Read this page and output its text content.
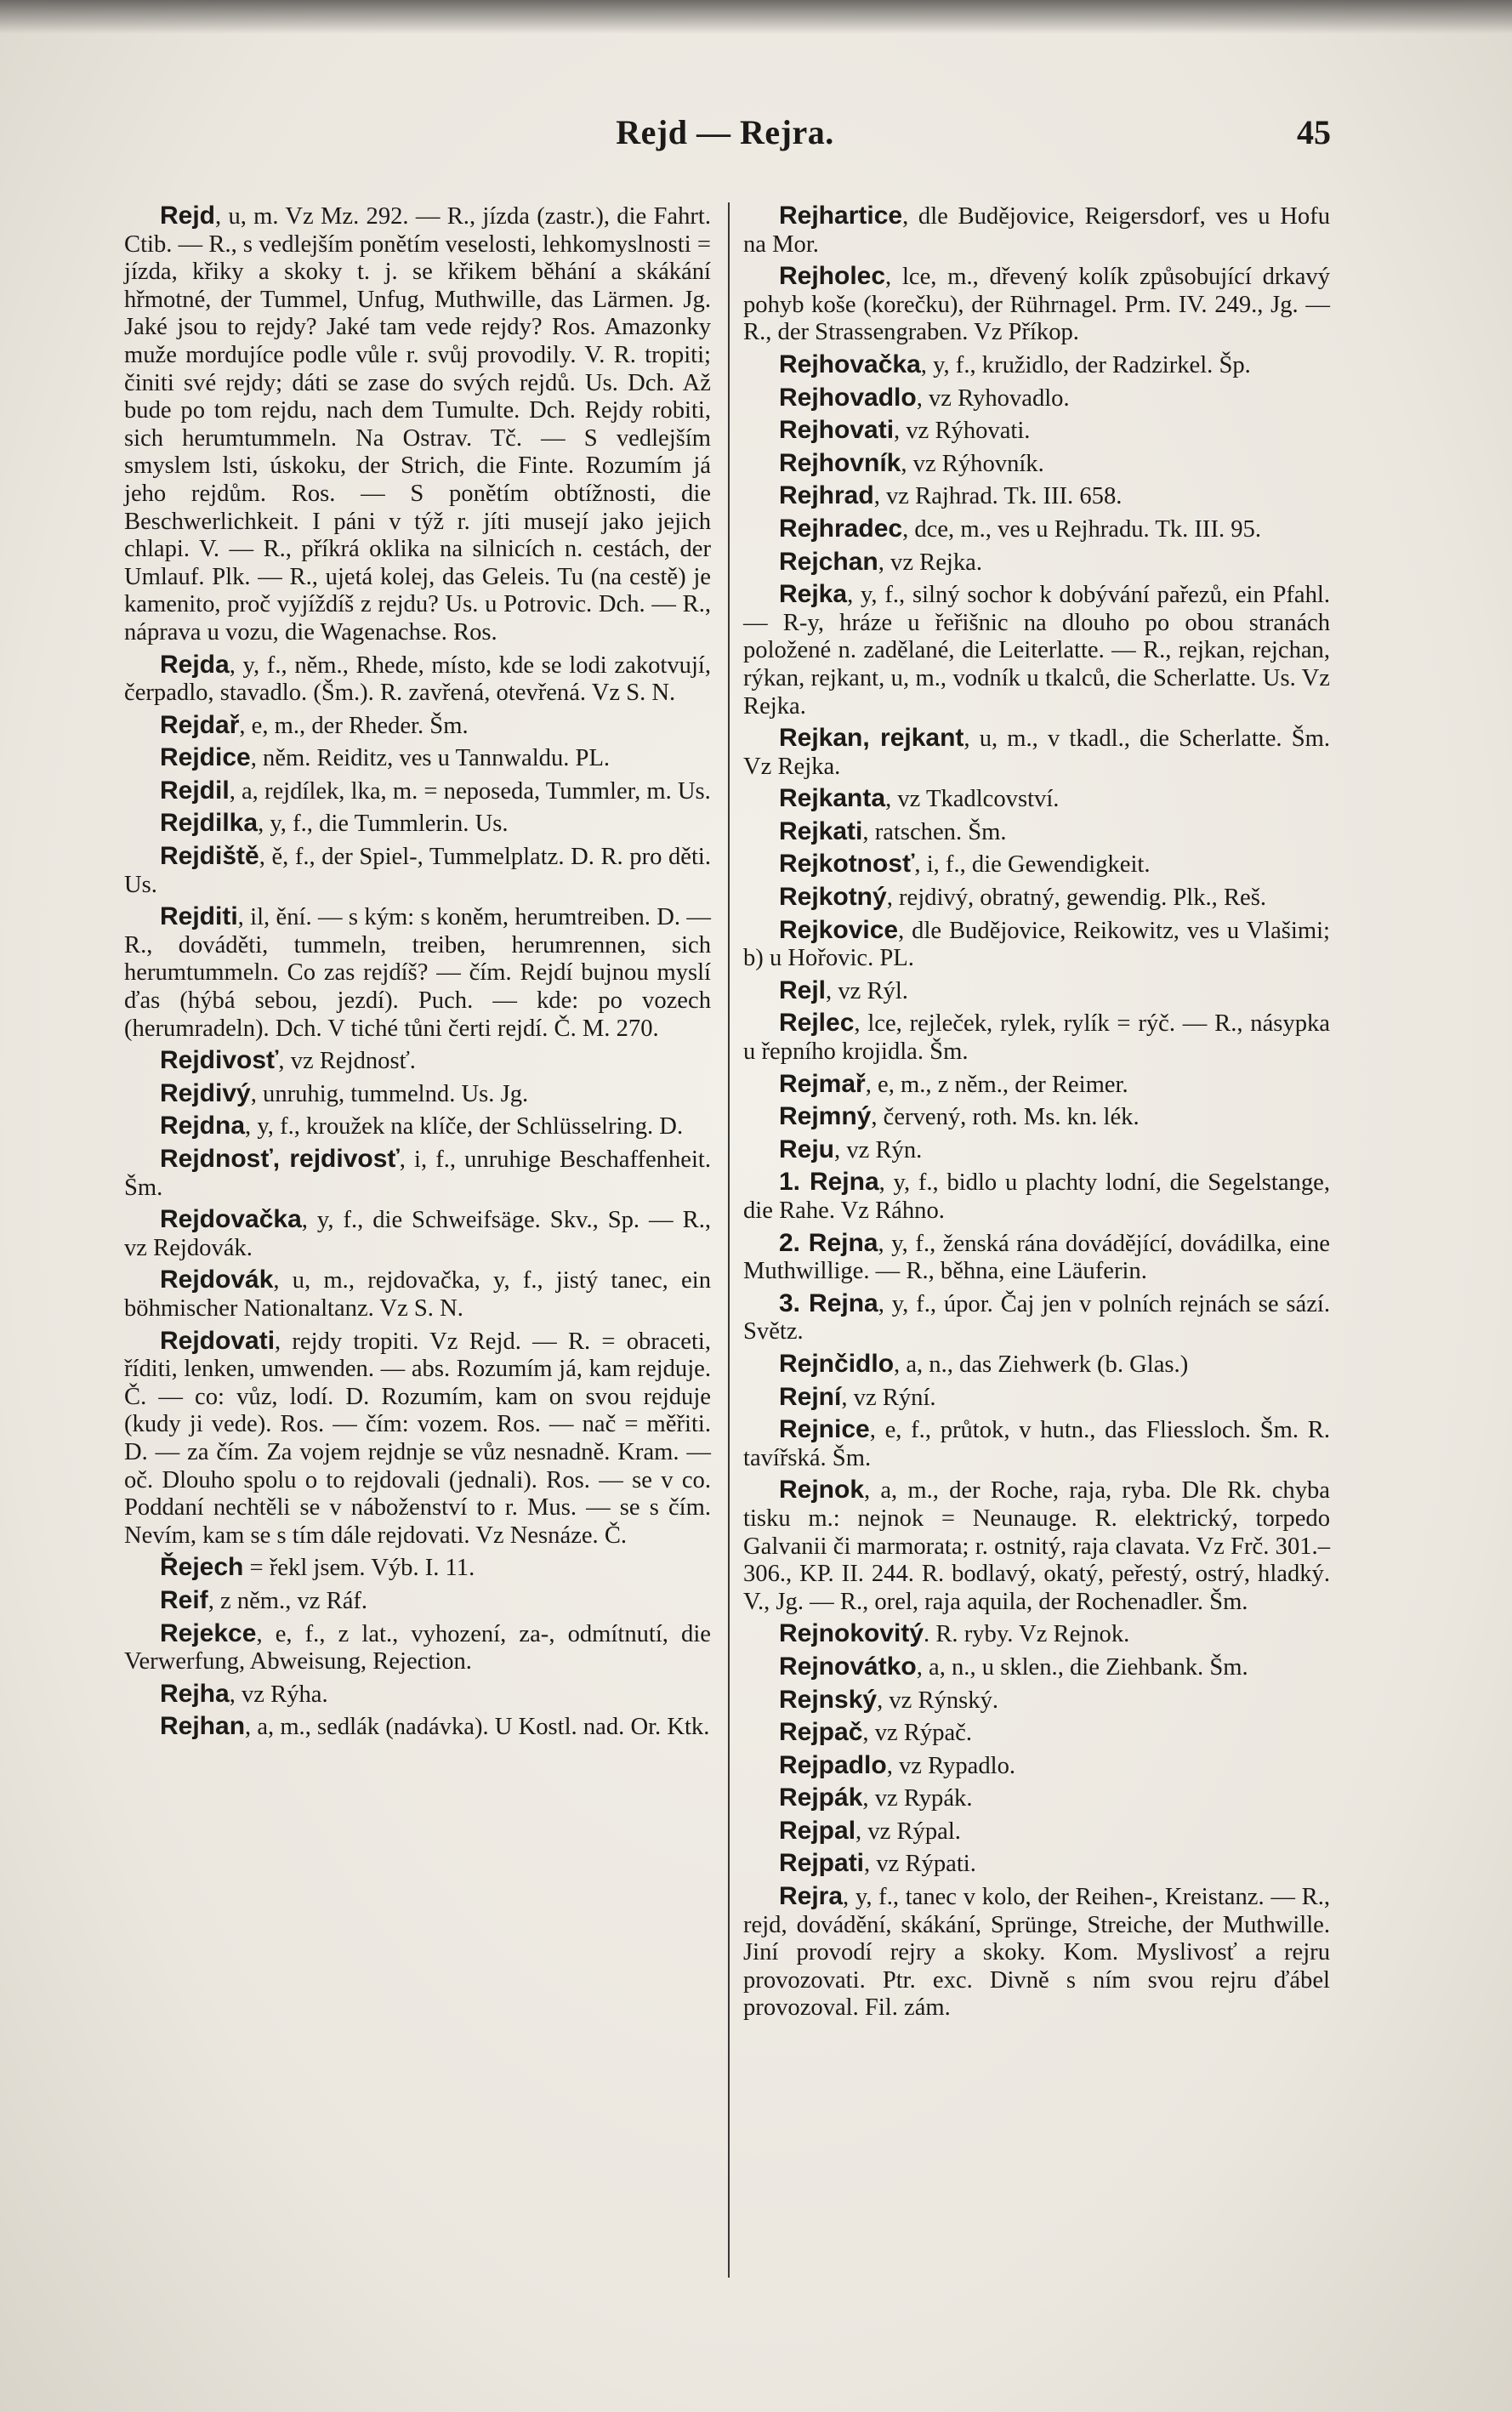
Rejd — Rejra.	45

Rejd, u, m. Vz Mz. 292. — R., jízda (zastr.), die Fahrt. Ctib. — R., s vedlejším ponětím veselosti, lehkomyslnosti = jízda, křiky a skoky t. j. se křikem běhání a skákání hřmotné, der Tummel, Unfug, Muthwille, das Lärmen. Jg. Jaké jsou to rejdy? Jaké tam vede rejdy? Ros. Amazonky muže mordujíce podle vůle r. svůj provodily. V. R. tropiti; činiti své rejdy; dáti se zase do svých rejdů. Us. Dch. Až bude po tom rejdu, nach dem Tumulte. Dch. Rejdy robiti, sich herumtummeln. Na Ostrav. Tč. — S vedlejším smyslem lsti, úskoku, der Strich, die Finte. Rozumím já jeho rejdům. Ros. — S ponětím obtížnosti, die Beschwerlichkeit. I páni v týž r. jíti musejí jako jejich chlapi. V. — R., příkrá oklika na silnicích n. cestách, der Umlauf. Plk. — R., ujetá kolej, das Geleis. Tu (na cestě) je kamenito, proč vyjíždíš z rejdu? Us. u Potrovic. Dch. — R., náprava u vozu, die Wagenachse. Ros.

Rejda, y, f., něm., Rhede, místo, kde se lodi zakotvují, čerpadlo, stavadlo. (Šm.). R. zavřená, otevřená. Vz S. N.

Rejdař, e, m., der Rheder. Šm.

Rejdice, něm. Reiditz, ves u Tannwaldu. PL.

Rejdil, a, rejdílek, lka, m. = neposeda, Tummler, m. Us.

Rejdilka, y, f., die Tummlerin. Us.

Rejdiště, ě, f., der Spiel-, Tummelplatz. D. R. pro děti. Us.

Rejditi, il, ění. — s kým: s koněm, herumtreiben. D. — R., dováděti, tummeln, treiben, herumrennen, sich herumtummeln. Co zas rejdíš? — čím. Rejdí bujnou myslí ďas (hýbá sebou, jezdí). Puch. — kde: po vozech (herumradeln). Dch. V tiché tůni čerti rejdí. Č. M. 270.

Rejdivosť, vz Rejdnosť.

Rejdivý, unruhig, tummelnd. Us. Jg.

Rejdna, y, f., kroužek na klíče, der Schlüsselring. D.

Rejdnosť, rejdivosť, i, f., unruhige Beschaffenheit. Šm.

Rejdovačka, y, f., die Schweifsäge. Skv., Sp. — R., vz Rejdovák.

Rejdovák, u, m., rejdovačka, y, f., jistý tanec, ein böhmischer Nationaltanz. Vz S. N.

Rejdovati, rejdy tropiti. Vz Rejd. — R. = obraceti, říditi, lenken, umwenden. — abs. Rozumím já, kam rejduje. Č. — co: vůz, lodí. D. Rozumím, kam on svou rejduje (kudy ji vede). Ros. — čím: vozem. Ros. — nač = měřiti. D. — za čím. Za vojem rejdnje se vůz nesnadně. Kram. — oč. Dlouho spolu o to rejdovali (jednali). Ros. — se v co. Poddaní nechtěli se v náboženství to r. Mus. — se s čím. Nevím, kam se s tím dále rejdovati. Vz Nesnáze. Č.

Řejech = řekl jsem. Výb. I. 11.

Reif, z něm., vz Ráf.

Rejekce, e, f., z lat., vyhození, za-, odmítnutí, die Verwerfung, Abweisung, Rejection.

Rejha, vz Rýha.

Rejhan, a, m., sedlák (nadávka). U Kostl. nad. Or. Ktk.

Rejhartice, dle Budějovice, Reigersdorf, ves u Hofu na Mor.

Rejholec, lce, m., dřevený kolík způsobující drkavý pohyb koše (korečku), der Rührnagel. Prm. IV. 249., Jg. — R., der Strassengraben. Vz Příkop.

Rejhovačka, y, f., kružidlo, der Radzirkel. Šp.

Rejhovadlo, vz Ryhovadlo.

Rejhovati, vz Rýhovati.

Rejhovník, vz Rýhovník.

Rejhrad, vz Rajhrad. Tk. III. 658.

Rejhradec, dce, m., ves u Rejhradu. Tk. III. 95.

Rejchan, vz Rejka.

Rejka, y, f., silný sochor k dobývání pařezů, ein Pfahl. — R-y, hráze u řeřišnic na dlouho po obou stranách položené n. zadělané, die Leiterlatte. — R., rejkan, rejchan, rýkan, rejkant, u, m., vodník u tkalců, die Scherlatte. Us. Vz Rejka.

Rejkan, rejkant, u, m., v tkadl., die Scherlatte. Šm. Vz Rejka.

Rejkanta, vz Tkadlcovství.

Rejkati, ratschen. Šm.

Rejkotnosť, i, f., die Gewendigkeit.

Rejkotný, rejdivý, obratný, gewendig. Plk., Reš.

Rejkovice, dle Budějovice, Reikowitz, ves u Vlašimi; b) u Hořovic. PL.

Rejl, vz Rýl.

Rejlec, lce, rejleček, rylek, rylík = rýč. — R., násypka u řepního krojidla. Šm.

Rejmař, e, m., z něm., der Reimer.

Rejmný, červený, roth. Ms. kn. lék.

Reju, vz Rýn.

1. Rejna, y, f., bidlo u plachty lodní, die Segelstange, die Rahe. Vz Ráhno.

2. Rejna, y, f., ženská rána dovádějící, dovádilka, eine Muthwillige. — R., běhna, eine Läuferin.

3. Rejna, y, f., úpor. Čaj jen v polních rejnách se sází. Světz.

Rejnčidlo, a, n., das Ziehwerk (b. Glas.)

Rejní, vz Rýní.

Rejnice, e, f., průtok, v hutn., das Fliessloch. Šm. R. tavířská. Šm.

Rejnok, a, m., der Roche, raja, ryba. Dle Rk. chyba tisku m.: nejnok = Neunauge. R. elektrický, torpedo Galvanii či marmorata; r. ostnitý, raja clavata. Vz Frč. 301.–306., KP. II. 244. R. bodlavý, okatý, peřestý, ostrý, hladký. V., Jg. — R., orel, raja aquila, der Rochenadler. Šm.

Rejnokovitý. R. ryby. Vz Rejnok.

Rejnovátko, a, n., u sklen., die Ziehbank. Šm.

Rejnský, vz Rýnský.

Rejpač, vz Rýpač.

Rejpadlo, vz Rypadlo.

Rejpák, vz Rypák.

Rejpal, vz Rýpal.

Rejpati, vz Rýpati.

Rejra, y, f., tanec v kolo, der Reihen-, Kreistanz. — R., rejd, dovádění, skákání, Sprünge, Streiche, der Muthwille. Jiní provodí rejry a skoky. Kom. Myslivosť a rejru provozovati. Ptr. exc. Divně s ním svou rejru ďábel provozoval. Fil. zám.
